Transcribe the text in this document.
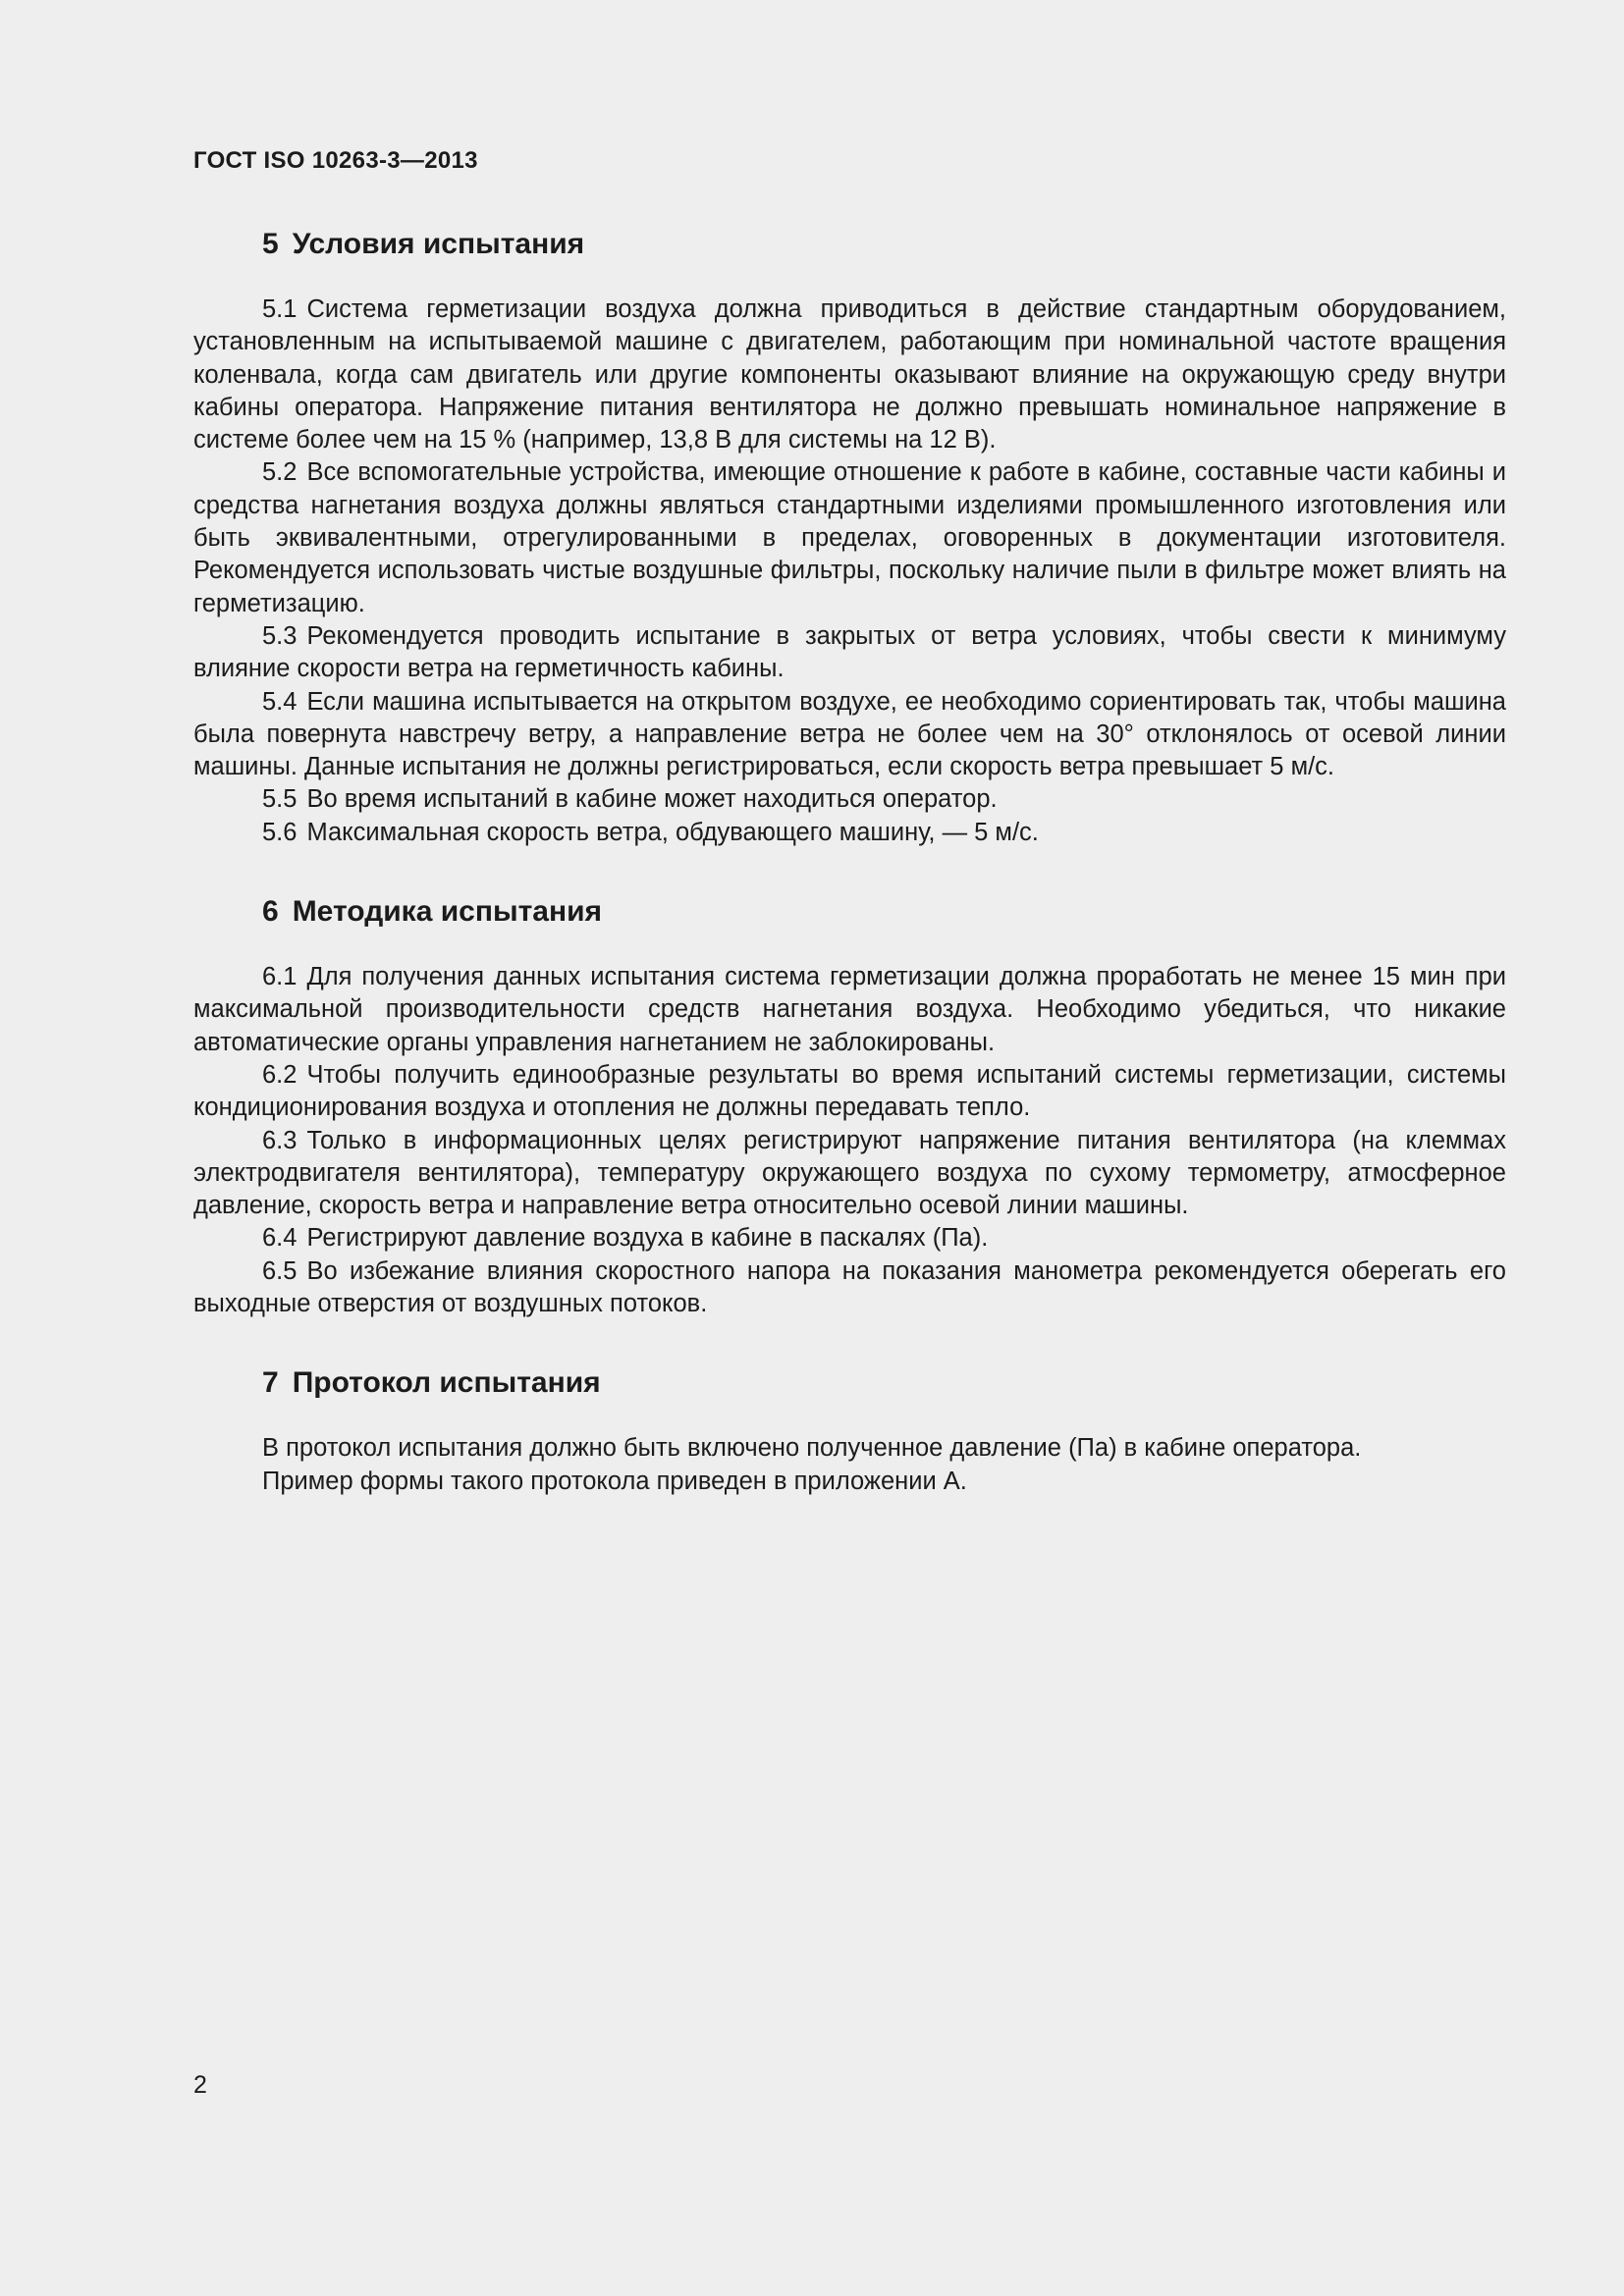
ГОСТ ISO 10263-3—2013
5 Условия испытания

5.1 Система герметизации воздуха должна приводиться в действие стандартным оборудованием, установленным на испытываемой машине с двигателем, работающим при номинальной частоте вращения коленвала, когда сам двигатель или другие компоненты оказывают влияние на окружающую среду внутри кабины оператора. Напряжение питания вентилятора не должно превышать номинальное напряжение в системе более чем на 15 % (например, 13,8 В для системы на 12 В).

5.2 Все вспомогательные устройства, имеющие отношение к работе в кабине, составные части кабины и средства нагнетания воздуха должны являться стандартными изделиями промышленного изготовления или быть эквивалентными, отрегулированными в пределах, оговоренных в документации изготовителя. Рекомендуется использовать чистые воздушные фильтры, поскольку наличие пыли в фильтре может влиять на герметизацию.

5.3 Рекомендуется проводить испытание в закрытых от ветра условиях, чтобы свести к минимуму влияние скорости ветра на герметичность кабины.

5.4 Если машина испытывается на открытом воздухе, ее необходимо сориентировать так, чтобы машина была повернута навстречу ветру, а направление ветра не более чем на 30° отклонялось от осевой линии машины. Данные испытания не должны регистрироваться, если скорость ветра превышает 5 м/с.

5.5 Во время испытаний в кабине может находиться оператор.

5.6 Максимальная скорость ветра, обдувающего машину, — 5 м/с.

6 Методика испытания

6.1 Для получения данных испытания система герметизации должна проработать не менее 15 мин при максимальной производительности средств нагнетания воздуха. Необходимо убедиться, что никакие автоматические органы управления нагнетанием не заблокированы.

6.2 Чтобы получить единообразные результаты во время испытаний системы герметизации, системы кондиционирования воздуха и отопления не должны передавать тепло.

6.3 Только в информационных целях регистрируют напряжение питания вентилятора (на клеммах электродвигателя вентилятора), температуру окружающего воздуха по сухому термометру, атмосферное давление, скорость ветра и направление ветра относительно осевой линии машины.

6.4 Регистрируют давление воздуха в кабине в паскалях (Па).

6.5 Во избежание влияния скоростного напора на показания манометра рекомендуется оберегать его выходные отверстия от воздушных потоков.

7 Протокол испытания

В протокол испытания должно быть включено полученное давление (Па) в кабине оператора.

Пример формы такого протокола приведен в приложении А.

2
